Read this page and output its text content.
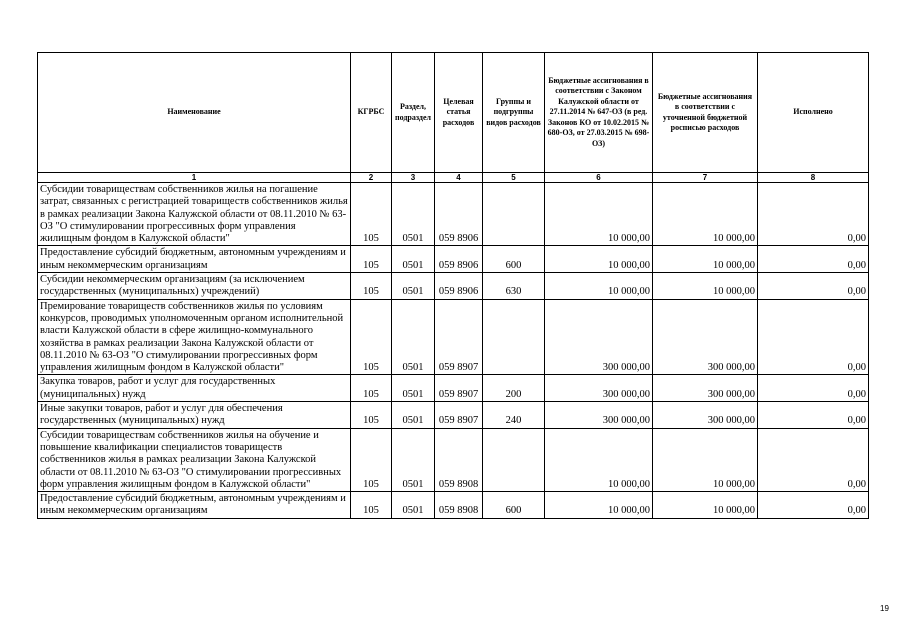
Наименование	КГРБС	Раздел, подраздел	Целевая статья расходов	Группы и подгруппы видов расходов	Бюджетные ассигнования в соответствии с Законом Калужской области от 27.11.2014 № 647-ОЗ (в ред. Законов КО от 10.02.2015 № 680-ОЗ, от 27.03.2015 № 698-ОЗ)	Бюджетные ассигнования в соответствии с уточненной бюджетной росписью расходов	Исполнено
1	2	3	4	5	6	7	8
Субсидии товариществам собственников жилья на погашение затрат, связанных с регистрацией товариществ собственников жилья в рамках реализации Закона Калужской области от 08.11.2010 № 63-ОЗ "О стимулировании прогрессивных форм управления жилищным фондом в Калужской области"	105	0501	059 8906		10 000,00	10 000,00	0,00
Предоставление субсидий бюджетным, автономным учреждениям и иным некоммерческим организациям	105	0501	059 8906	600	10 000,00	10 000,00	0,00
Субсидии некоммерческим организациям (за исключением государственных (муниципальных) учреждений)	105	0501	059 8906	630	10 000,00	10 000,00	0,00
Премирование товариществ собственников жилья по условиям конкурсов, проводимых уполномоченным органом исполнительной власти Калужской области в сфере жилищно-коммунального хозяйства в рамках реализации Закона Калужской области от 08.11.2010 № 63-ОЗ "О стимулировании прогрессивных форм управления жилищным фондом в Калужской области"	105	0501	059 8907		300 000,00	300 000,00	0,00
Закупка товаров, работ и услуг для государственных (муниципальных) нужд	105	0501	059 8907	200	300 000,00	300 000,00	0,00
Иные закупки товаров, работ и услуг для обеспечения государственных (муниципальных) нужд	105	0501	059 8907	240	300 000,00	300 000,00	0,00
Субсидии товариществам собственников жилья на обучение и повышение квалификации специалистов товариществ собственников жилья в рамках реализации Закона Калужской области от 08.11.2010 № 63-ОЗ "О стимулировании прогрессивных форм управления жилищным фондом в Калужской области"	105	0501	059 8908		10 000,00	10 000,00	0,00
Предоставление субсидий бюджетным, автономным учреждениям и иным некоммерческим организациям	105	0501	059 8908	600	10 000,00	10 000,00	0,00
19
